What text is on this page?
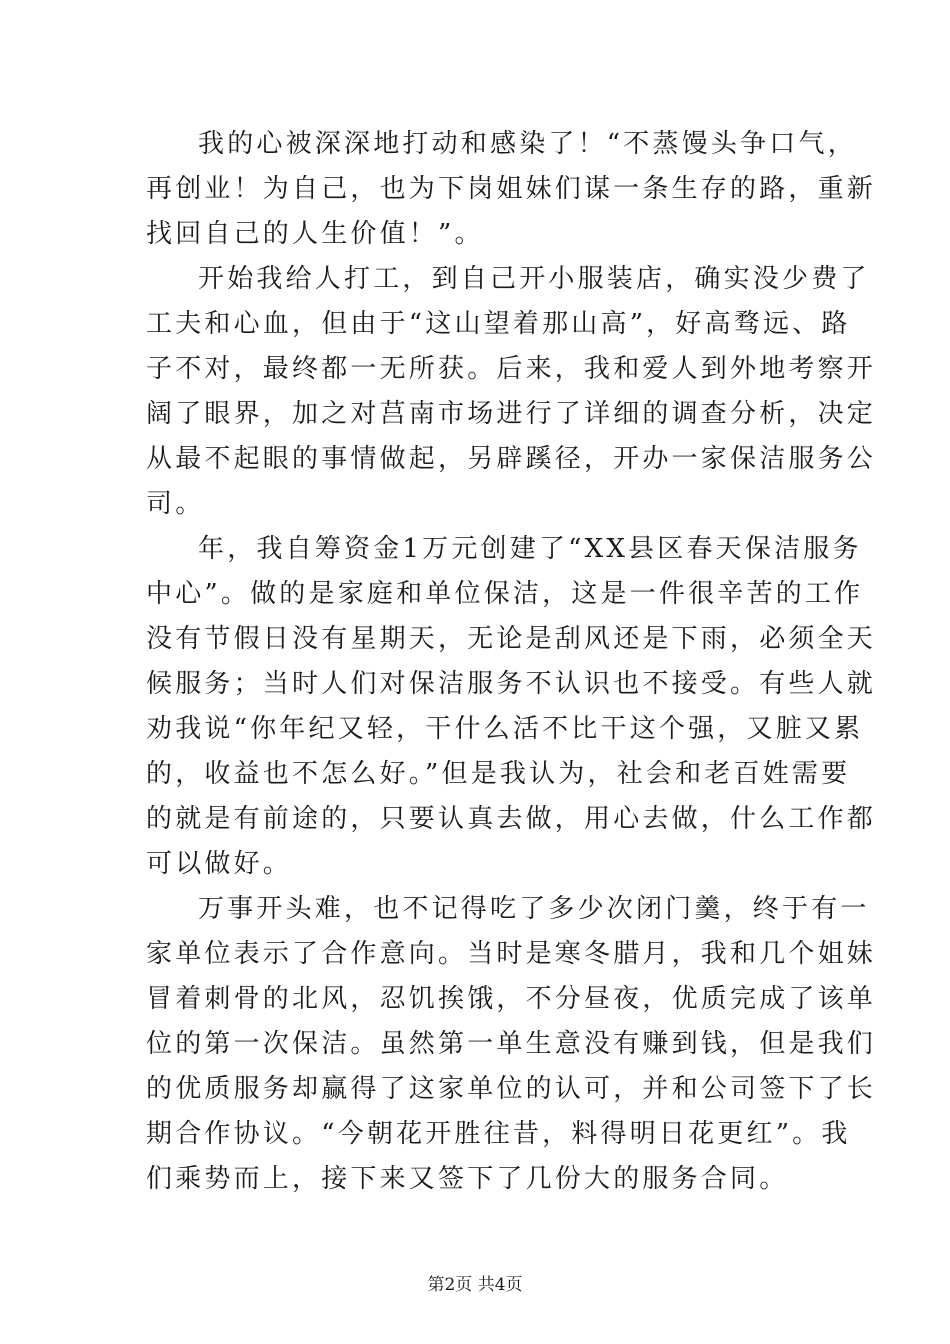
我的心被深深地打动和感染了！“不蒸馒头争口气，
再创业！为自己，也为下岗姐妹们谋一条生存的路，重新
找回自己的人生价值！”。
开始我给人打工，到自己开小服装店，确实没少费了
工夫和心血，但由于“这山望着那山高”，好高骛远、路
子不对，最终都一无所获。后来，我和爱人到外地考察开
阔了眼界，加之对莒南市场进行了详细的调查分析，决定
从最不起眼的事情做起，另辟蹊径，开办一家保洁服务公
司。
年，我自筹资金1万元创建了“XX县区春天保洁服务
中心”。做的是家庭和单位保洁，这是一件很辛苦的工作
没有节假日没有星期天，无论是刮风还是下雨，必须全天
候服务；当时人们对保洁服务不认识也不接受。有些人就
劝我说“你年纪又轻，干什么活不比干这个强，又脏又累
的，收益也不怎么好。”但是我认为，社会和老百姓需要
的就是有前途的，只要认真去做，用心去做，什么工作都
可以做好。
万事开头难，也不记得吃了多少次闭门羹，终于有一
家单位表示了合作意向。当时是寒冬腊月，我和几个姐妹
冒着刺骨的北风，忍饥挨饿，不分昼夜，优质完成了该单
位的第一次保洁。虽然第一单生意没有赚到钱，但是我们
的优质服务却赢得了这家单位的认可，并和公司签下了长
期合作协议。“今朝花开胜往昔，料得明日花更红”。我
们乘势而上，接下来又签下了几份大的服务合同。
第2页 共4页
